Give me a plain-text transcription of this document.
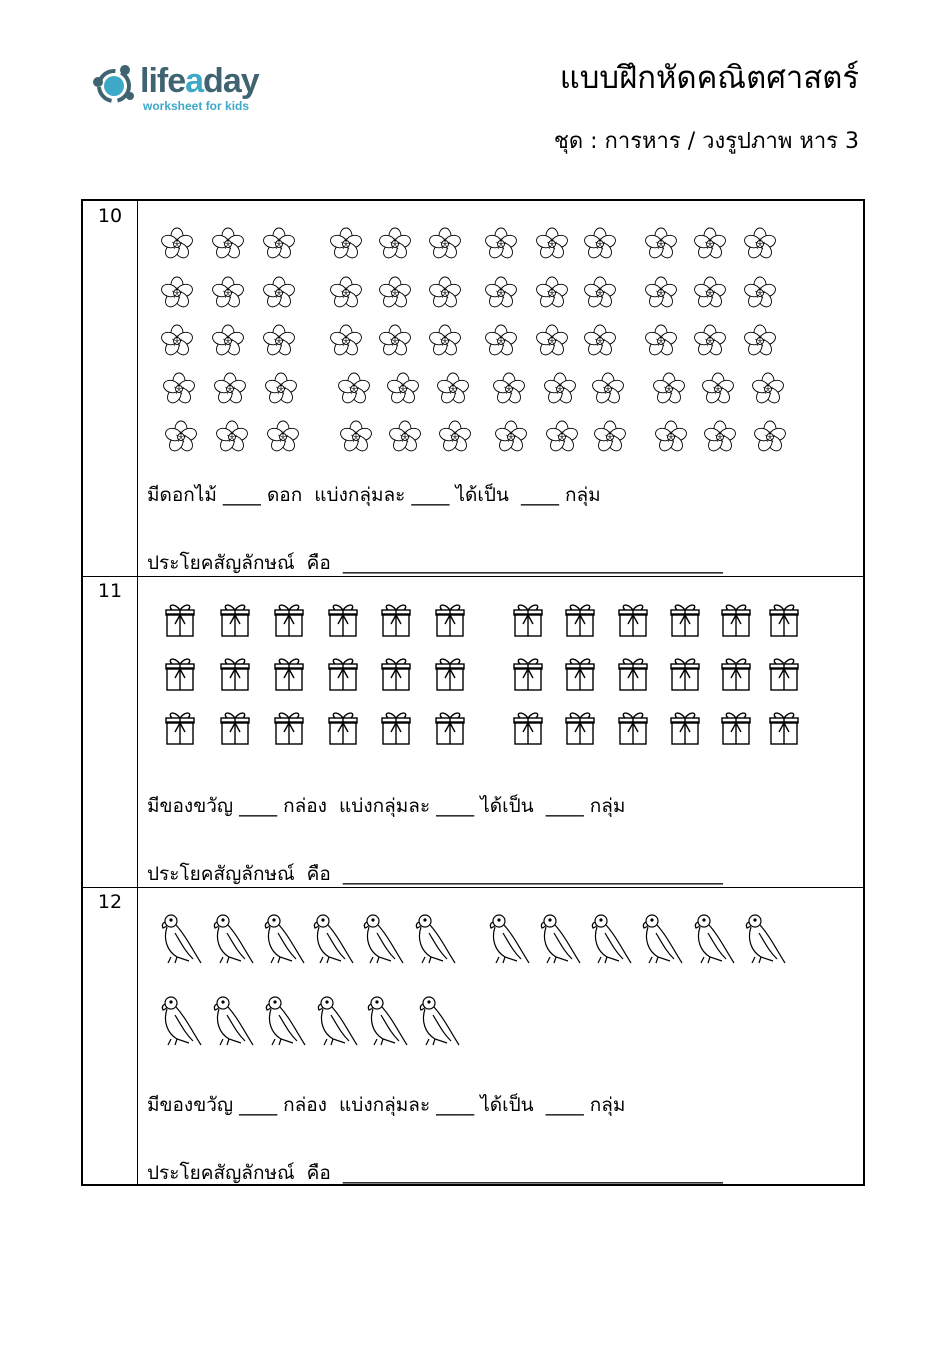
lifeaday
worksheet for kids
แบบฝึกหัดคณิตศาสตร์
ชุด : การหาร / วงรูปภาพ หาร 3
10
มีดอกไม้ ____ ดอก  แบ่งกลุ่มละ ____ ได้เป็น  ____ กลุ่ม
ประโยคสัญลักษณ์  คือ  ________________________________________
11
มีของขวัญ ____ กล่อง  แบ่งกลุ่มละ ____ ได้เป็น  ____ กลุ่ม
ประโยคสัญลักษณ์  คือ  ________________________________________
12
มีของขวัญ ____ กล่อง  แบ่งกลุ่มละ ____ ได้เป็น  ____ กลุ่ม
ประโยคสัญลักษณ์  คือ  ________________________________________
